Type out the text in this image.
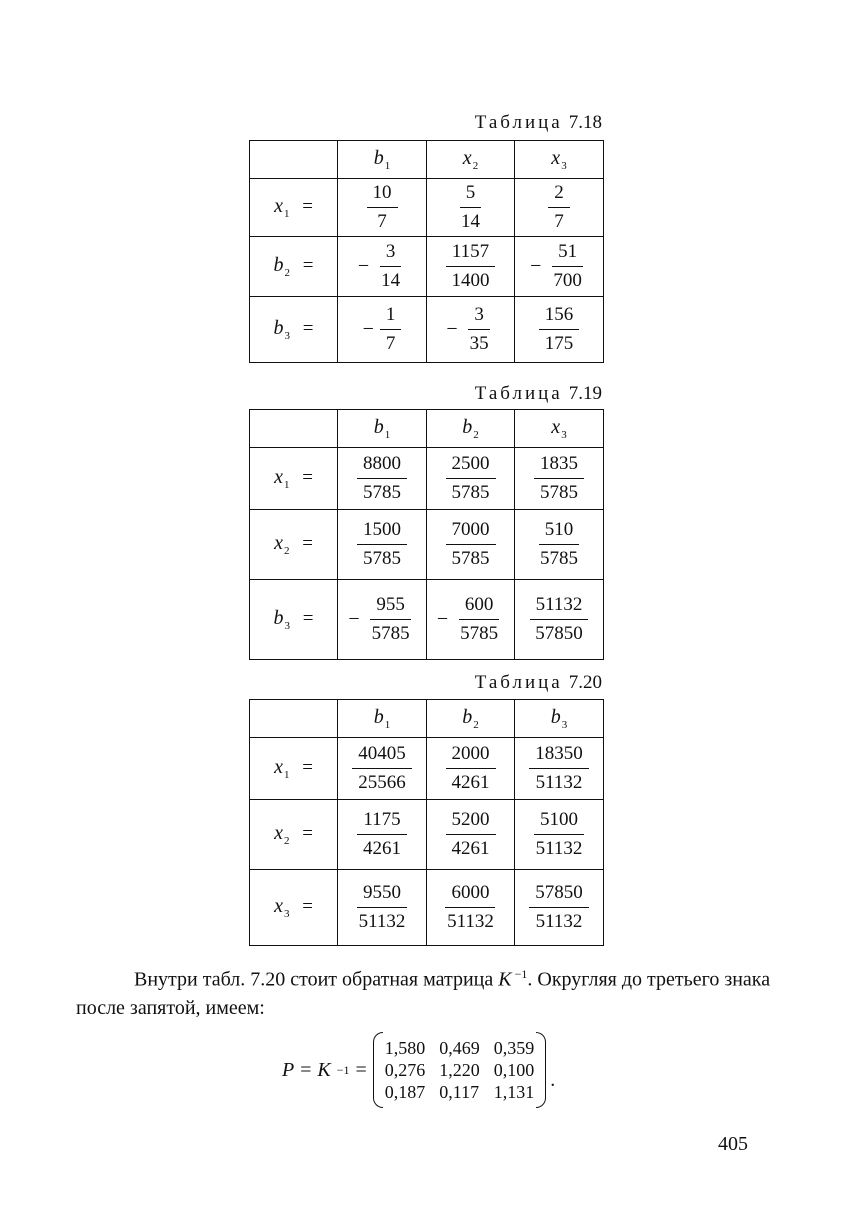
Таблица 7.18
	$b_1$	$x_2$	$x_3$
$x_1$ =	$\frac{10}{7}$	$\frac{5}{14}$	$\frac{2}{7}$

$b_2$ =	− $\frac{3}{14}$	$\frac{1157}{1400}$	− $\frac{51}{700}$

$b_3$ =	− $\frac{1}{7}$	− $\frac{3}{35}$	$\frac{156}{175}$
Таблица 7.19
	$b_1$	$b_2$	$x_3$
$x_1$ =	$\frac{8800}{5785}$	$\frac{2500}{5785}$	$\frac{1835}{5785}$

$x_2$ =	$\frac{1500}{5785}$	$\frac{7000}{5785}$	$\frac{510}{5785}$

$b_3$ =	− $\frac{955}{5785}$	− $\frac{600}{5785}$	$\frac{51132}{57850}$
Таблица 7.20
	$b_1$	$b_2$	$b_3$
$x_1$ =	$\frac{40405}{25566}$	$\frac{2000}{4261}$	$\frac{18350}{51132}$

$x_2$ =	$\frac{1175}{4261}$	$\frac{5200}{4261}$	$\frac{5100}{51132}$

$x_3$ =	$\frac{9550}{51132}$	$\frac{6000}{51132}$	$\frac{57850}{51132}$
Внутри табл. 7.20 стоит обратная матрица K $^{-1}$. Округляя до третьего знака после запятой, имеем:
P = K −1 =
1,580 0,469 0,359
0,276 1,220 0,100
0,187 0,117 1,131
.
405
